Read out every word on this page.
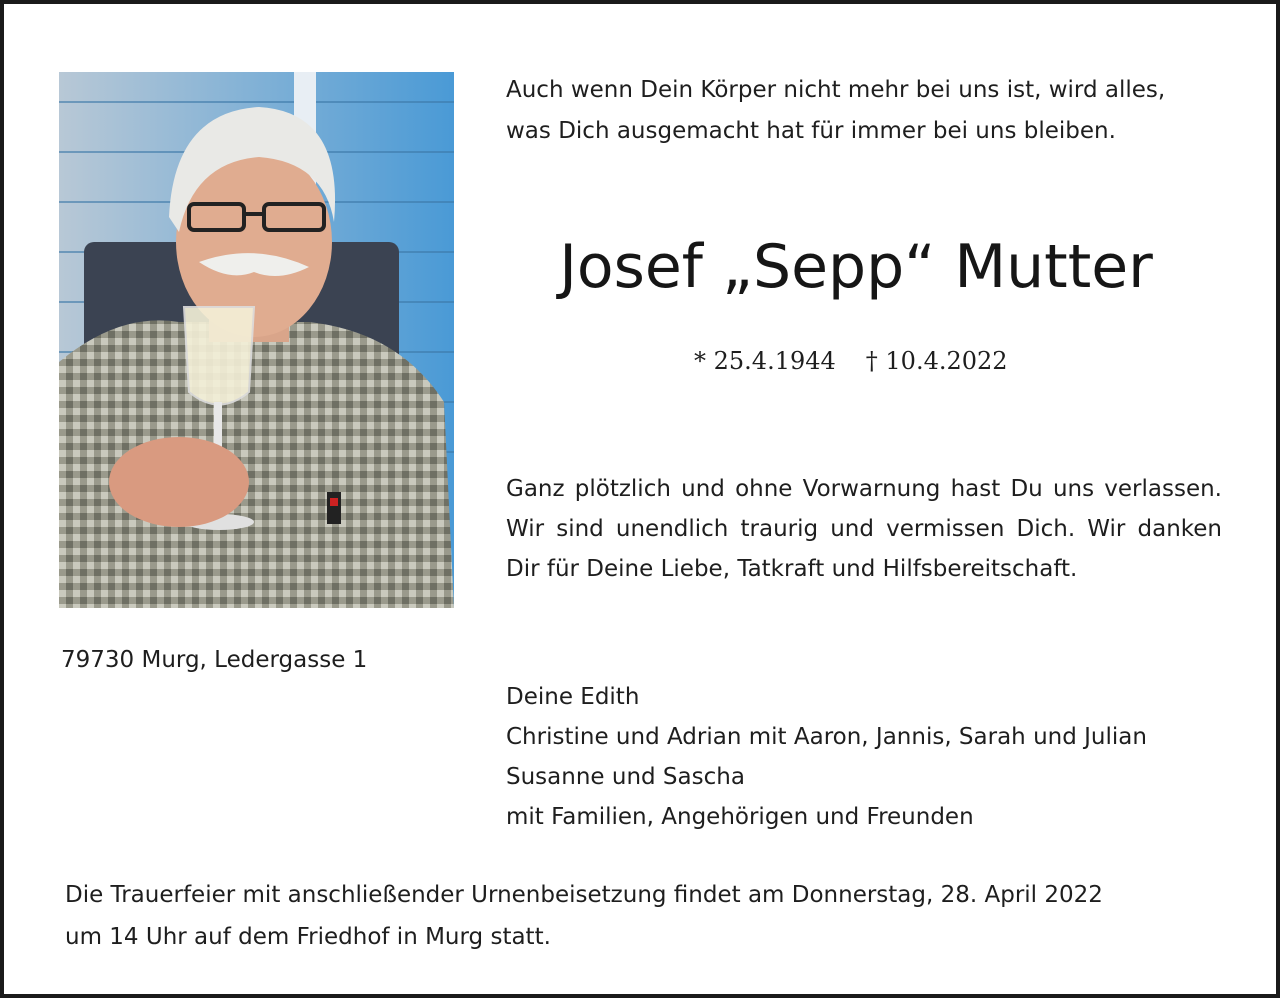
Auch wenn Dein Körper nicht mehr bei uns ist, wird alles,
was Dich ausgemacht hat für immer bei uns bleiben.
Josef „Sepp“ Mutter
* 25.4.1944 † 10.4.2022
Ganz plötzlich und ohne Vorwarnung hast Du uns verlassen. Wir sind unendlich traurig und vermissen Dich. Wir danken Dir für Deine Liebe, Tatkraft und Hilfsbereitschaft.
79730 Murg, Ledergasse 1
Deine Edith
Christine und Adrian mit Aaron, Jannis, Sarah und Julian
Susanne und Sascha
mit Familien, Angehörigen und Freunden
Die Trauerfeier mit anschließender Urnenbeisetzung findet am Donnerstag, 28. April 2022
um 14 Uhr auf dem Friedhof in Murg statt.
